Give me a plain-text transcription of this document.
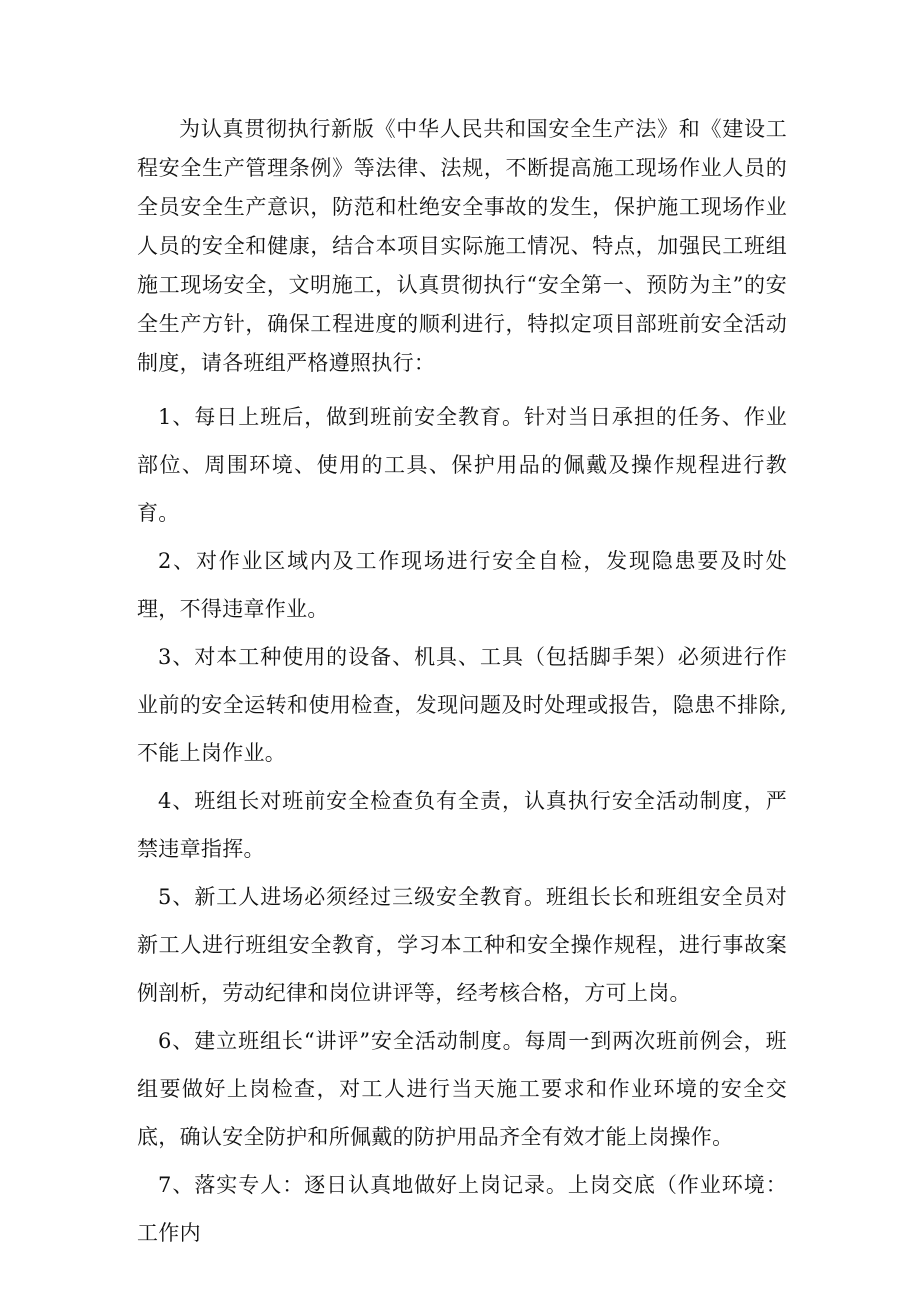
为认真贯彻执行新版《中华人民共和国安全生产法》和《建设工程安全生产管理条例》等法律、法规，不断提高施工现场作业人员的全员安全生产意识，防范和杜绝安全事故的发生，保护施工现场作业人员的安全和健康，结合本项目实际施工情况、特点，加强民工班组施工现场安全，文明施工，认真贯彻执行“安全第一、预防为主”的安全生产方针，确保工程进度的顺利进行，特拟定项目部班前安全活动制度，请各班组严格遵照执行：

1、每日上班后，做到班前安全教育。针对当日承担的任务、作业部位、周围环境、使用的工具、保护用品的佩戴及操作规程进行教育。

2、对作业区域内及工作现场进行安全自检，发现隐患要及时处理，不得违章作业。

3、对本工种使用的设备、机具、工具（包括脚手架）必须进行作业前的安全运转和使用检查，发现问题及时处理或报告，隐患不排除,不能上岗作业。

4、班组长对班前安全检查负有全责，认真执行安全活动制度，严禁违章指挥。

5、新工人进场必须经过三级安全教育。班组长长和班组安全员对新工人进行班组安全教育，学习本工种和安全操作规程，进行事故案例剖析，劳动纪律和岗位讲评等，经考核合格，方可上岗。

6、建立班组长“讲评”安全活动制度。每周一到两次班前例会，班组要做好上岗检查，对工人进行当天施工要求和作业环境的安全交底，确认安全防护和所佩戴的防护用品齐全有效才能上岗操作。

7、落实专人：逐日认真地做好上岗记录。上岗交底（作业环境：工作内
